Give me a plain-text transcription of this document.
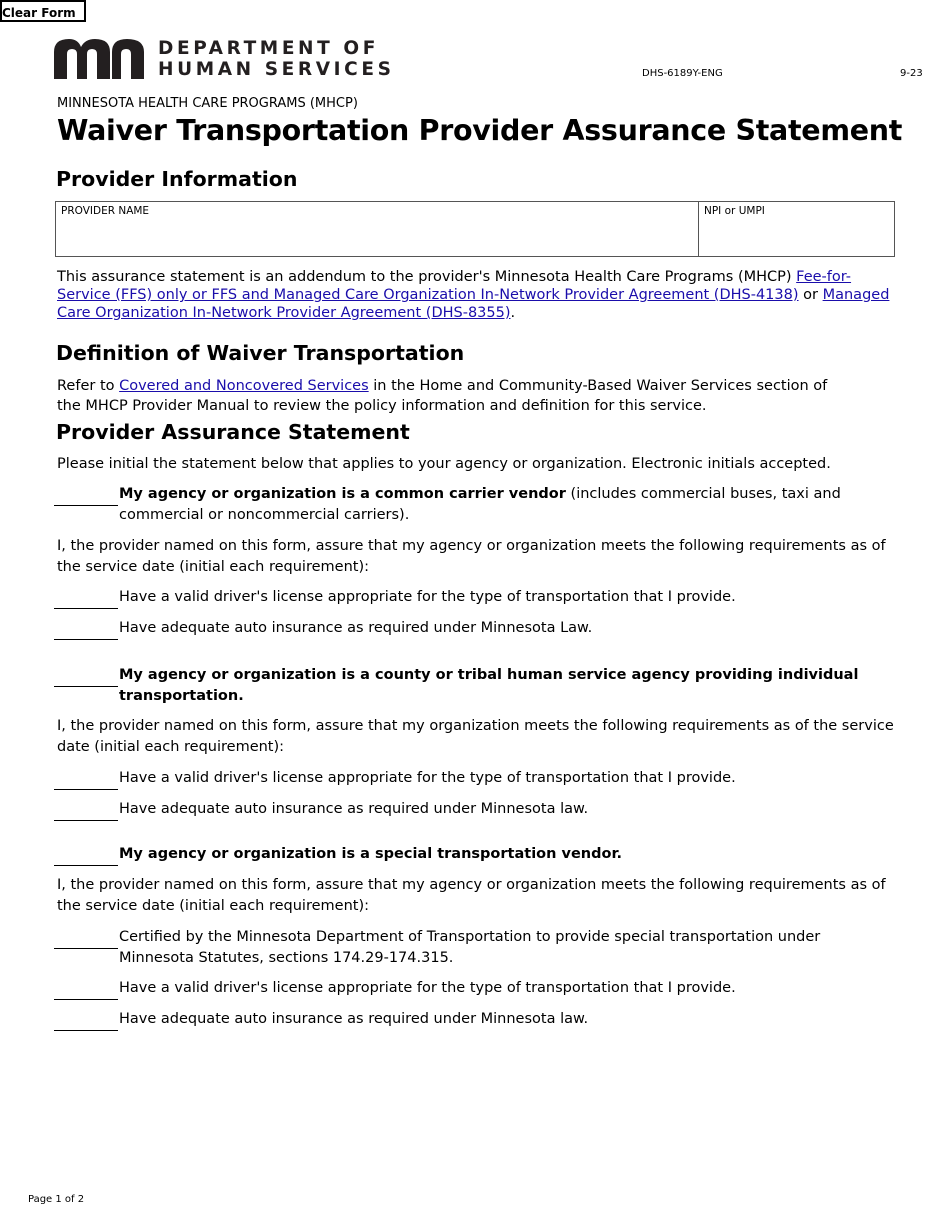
Clear Form
DEPARTMENT OF
HUMAN SERVICES	DHS-6189Y-ENG	9-23
MINNESOTA HEALTH CARE PROGRAMS (MHCP)
Waiver Transportation Provider Assurance Statement
Provider Information
PROVIDER NAME	NPI or UMPI
This assurance statement is an addendum to the provider's Minnesota Health Care Programs (MHCP) Fee-for-Service (FFS) only or FFS and Managed Care Organization In-Network Provider Agreement (DHS-4138) or Managed Care Organization In-Network Provider Agreement (DHS-8355).
Definition of Waiver Transportation
Refer to Covered and Noncovered Services in the Home and Community-Based Waiver Services section of the MHCP Provider Manual to review the policy information and definition for this service.
Provider Assurance Statement
Please initial the statement below that applies to your agency or organization. Electronic initials accepted.
My agency or organization is a common carrier vendor (includes commercial buses, taxi and commercial or noncommercial carriers).
I, the provider named on this form, assure that my agency or organization meets the following requirements as of the service date (initial each requirement):
Have a valid driver's license appropriate for the type of transportation that I provide.
Have adequate auto insurance as required under Minnesota Law.
My agency or organization is a county or tribal human service agency providing individual transportation.
I, the provider named on this form, assure that my organization meets the following requirements as of the service date (initial each requirement):
Have a valid driver's license appropriate for the type of transportation that I provide.
Have adequate auto insurance as required under Minnesota law.
My agency or organization is a special transportation vendor.
I, the provider named on this form, assure that my agency or organization meets the following requirements as of the service date (initial each requirement):
Certified by the Minnesota Department of Transportation to provide special transportation under Minnesota Statutes, sections 174.29-174.315.
Have a valid driver's license appropriate for the type of transportation that I provide.
Have adequate auto insurance as required under Minnesota law.
Page 1 of 2
